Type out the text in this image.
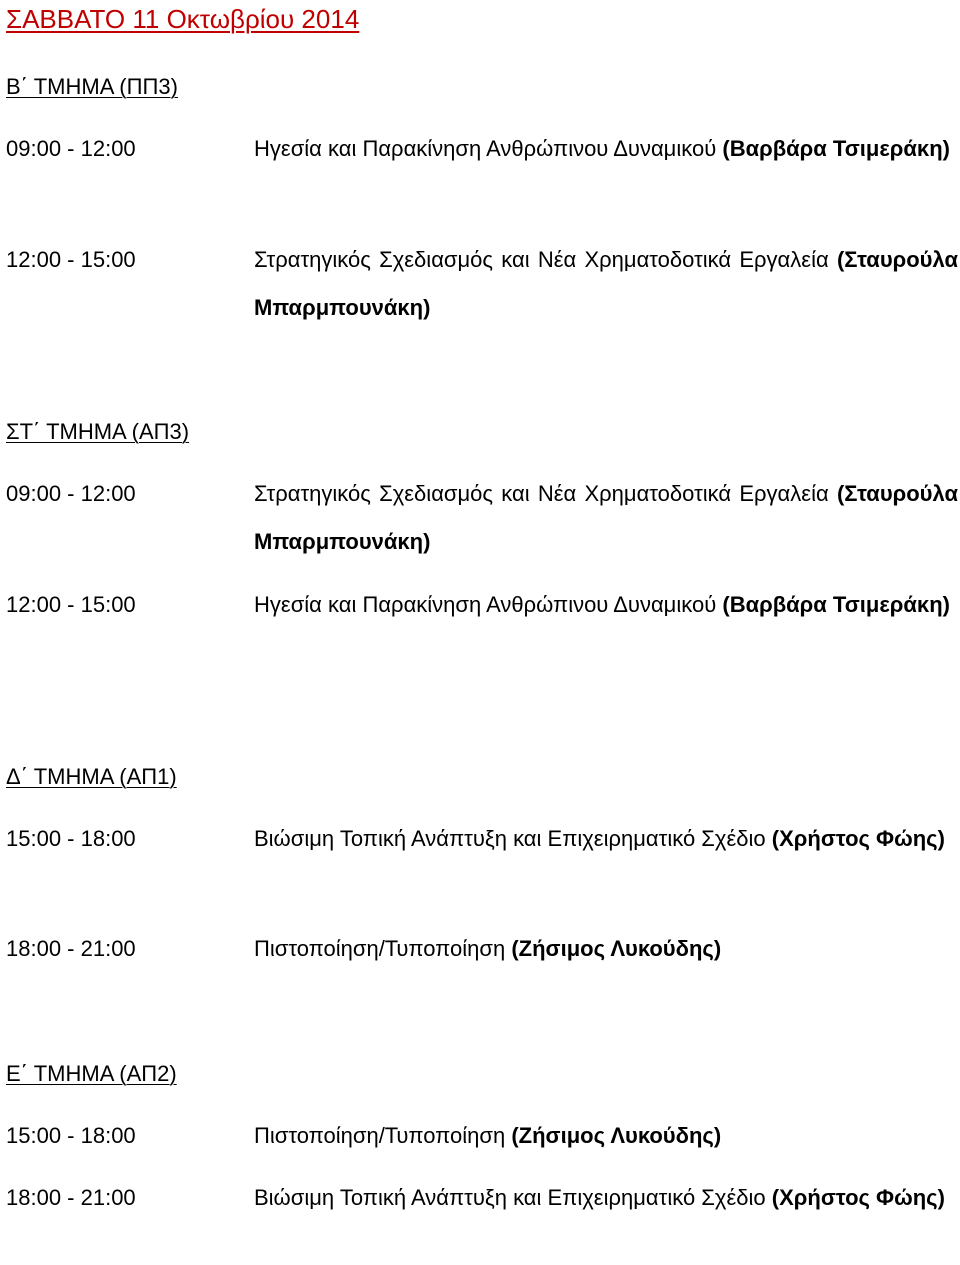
ΣΑΒΒΑΤΟ 11 Οκτωβρίου 2014
Β΄ ΤΜΗΜΑ (ΠΠ3)
09:00 - 12:00	Ηγεσία και Παρακίνηση Ανθρώπινου Δυναμικού (Βαρβάρα Τσιμεράκη)
12:00 - 15:00	Στρατηγικός Σχεδιασμός και Νέα Χρηματοδοτικά Εργαλεία (Σταυρούλα Μπαρμπουνάκη)
ΣΤ΄ ΤΜΗΜΑ (ΑΠ3)
09:00 - 12:00	Στρατηγικός Σχεδιασμός και Νέα Χρηματοδοτικά Εργαλεία (Σταυρούλα Μπαρμπουνάκη)
12:00 - 15:00	Ηγεσία και Παρακίνηση Ανθρώπινου Δυναμικού (Βαρβάρα Τσιμεράκη)
Δ΄ ΤΜΗΜΑ (ΑΠ1)
15:00 - 18:00	Βιώσιμη Τοπική Ανάπτυξη και Επιχειρηματικό Σχέδιο (Χρήστος Φώης)
18:00 - 21:00	Πιστοποίηση/Τυποποίηση (Ζήσιμος Λυκούδης)
Ε΄ ΤΜΗΜΑ (ΑΠ2)
15:00 - 18:00	Πιστοποίηση/Τυποποίηση (Ζήσιμος Λυκούδης)
18:00 - 21:00	Βιώσιμη Τοπική Ανάπτυξη και Επιχειρηματικό Σχέδιο (Χρήστος Φώης)
